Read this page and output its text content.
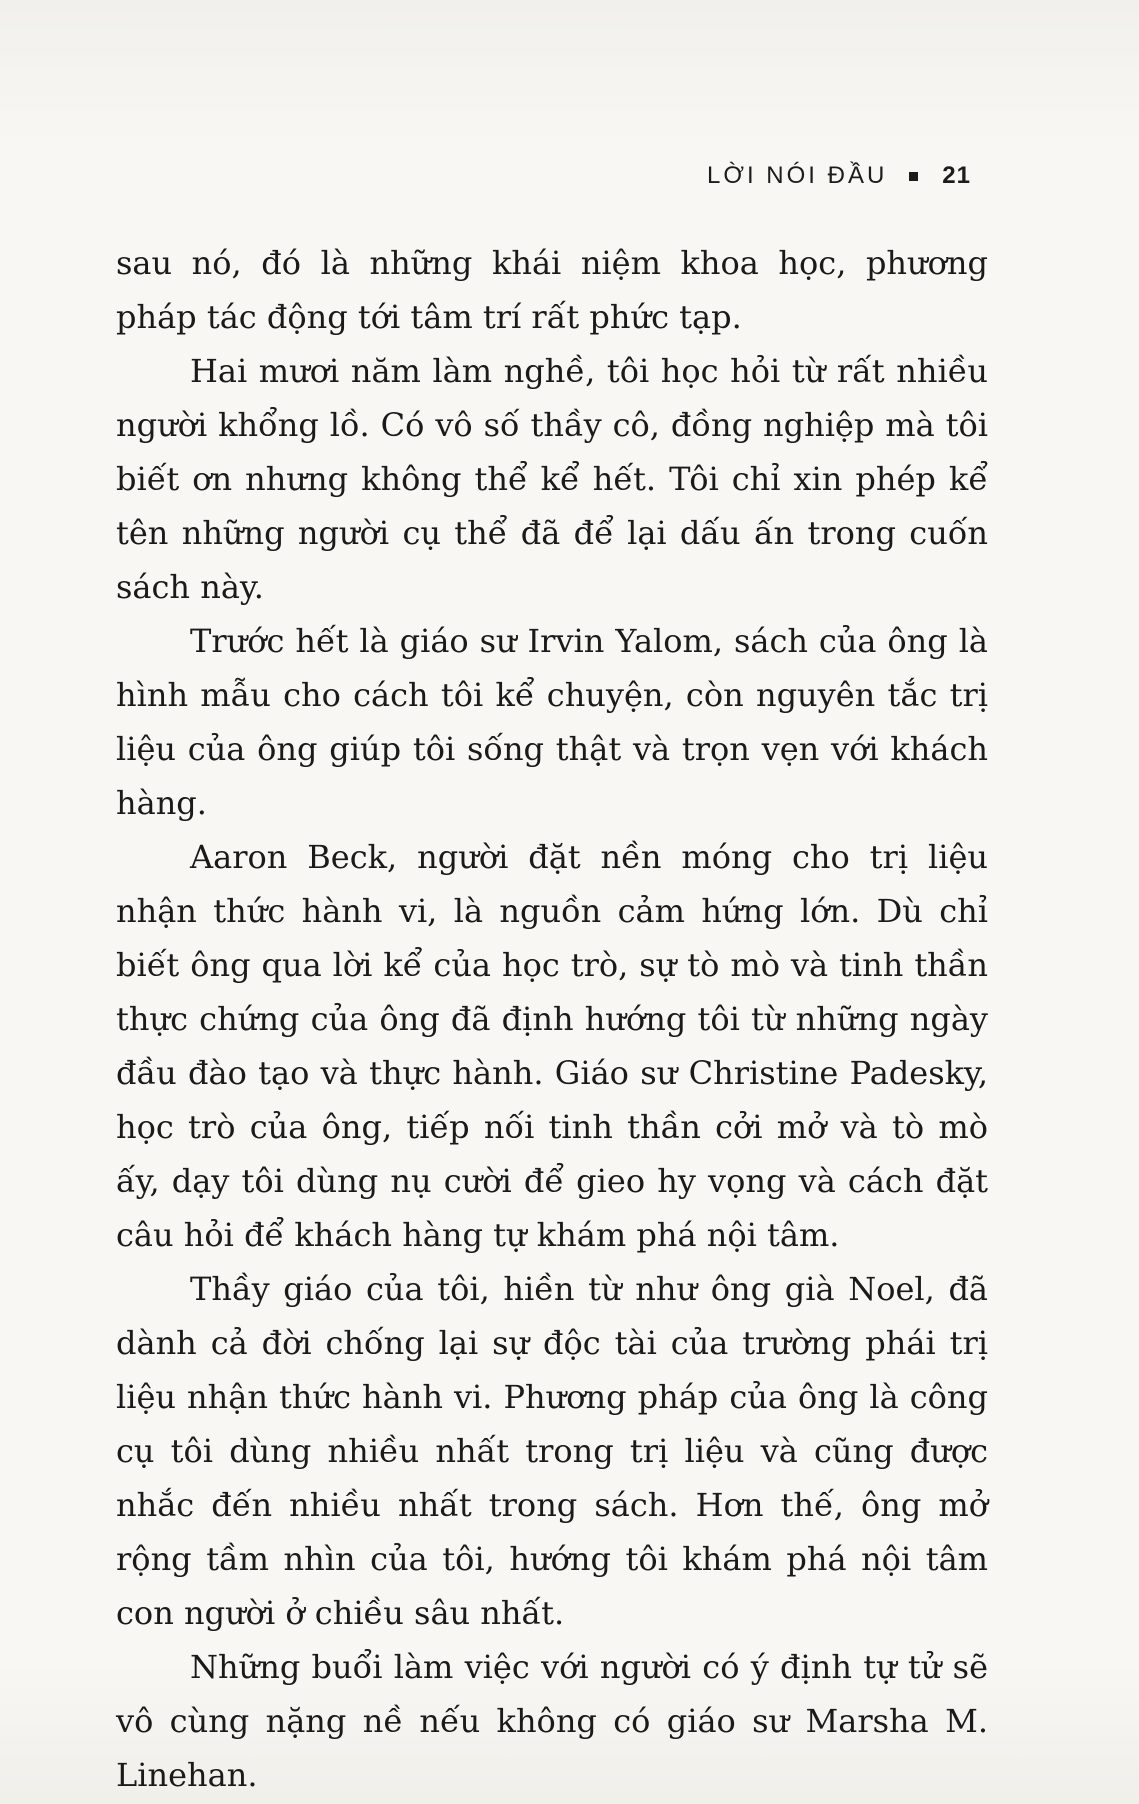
LỜI NÓI ĐẦU 21

sau nó, đó là những khái niệm khoa học, phương pháp tác động tới tâm trí rất phức tạp.

Hai mươi năm làm nghề, tôi học hỏi từ rất nhiều người khổng lồ. Có vô số thầy cô, đồng nghiệp mà tôi biết ơn nhưng không thể kể hết. Tôi chỉ xin phép kể tên những người cụ thể đã để lại dấu ấn trong cuốn sách này.

Trước hết là giáo sư Irvin Yalom, sách của ông là hình mẫu cho cách tôi kể chuyện, còn nguyên tắc trị liệu của ông giúp tôi sống thật và trọn vẹn với khách hàng.

Aaron Beck, người đặt nền móng cho trị liệu nhận thức hành vi, là nguồn cảm hứng lớn. Dù chỉ biết ông qua lời kể của học trò, sự tò mò và tinh thần thực chứng của ông đã định hướng tôi từ những ngày đầu đào tạo và thực hành. Giáo sư Christine Padesky, học trò của ông, tiếp nối tinh thần cởi mở và tò mò ấy, dạy tôi dùng nụ cười để gieo hy vọng và cách đặt câu hỏi để khách hàng tự khám phá nội tâm.

Thầy giáo của tôi, hiền từ như ông già Noel, đã dành cả đời chống lại sự độc tài của trường phái trị liệu nhận thức hành vi. Phương pháp của ông là công cụ tôi dùng nhiều nhất trong trị liệu và cũng được nhắc đến nhiều nhất trong sách. Hơn thế, ông mở rộng tầm nhìn của tôi, hướng tôi khám phá nội tâm con người ở chiều sâu nhất.

Những buổi làm việc với người có ý định tự tử sẽ vô cùng nặng nề nếu không có giáo sư Marsha M. Linehan.
